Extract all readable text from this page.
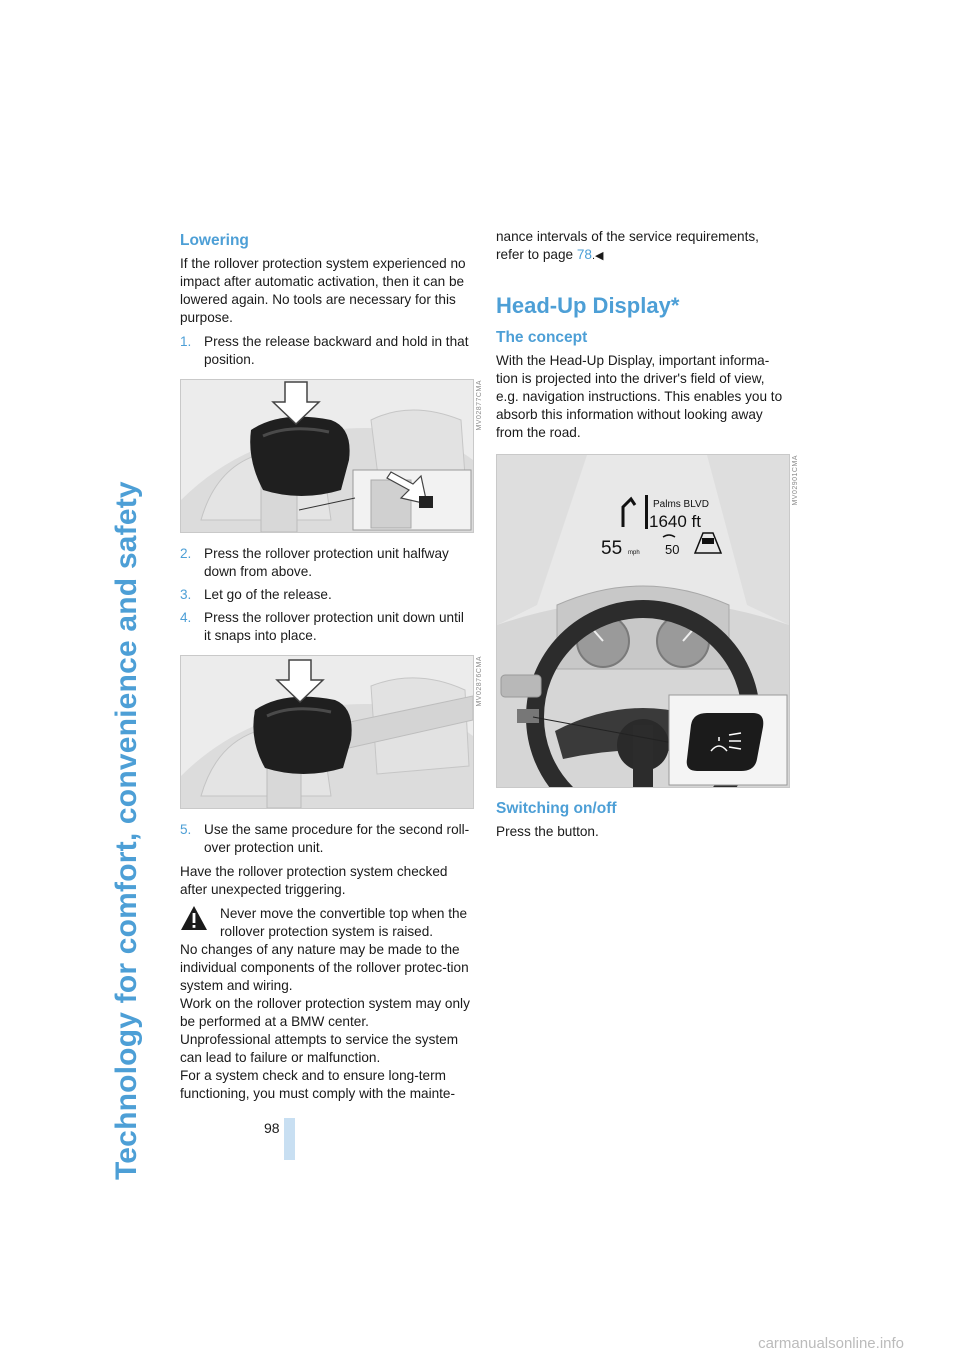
Technology for comfort, convenience and safety
Lowering

If the rollover protection system experienced no impact after automatic activation, then it can be lowered again. No tools are necessary for this purpose.

1. Press the release backward and hold in that position.
MV02877CMA
2. Press the rollover protection unit halfway down from above.
3. Let go of the release.
4. Press the rollover protection unit down until it snaps into place.
MV02876CMA
5. Use the same procedure for the second roll-over protection unit.

Have the rollover protection system checked after unexpected triggering.

Never move the convertible top when the rollover protection system is raised.

No changes of any nature may be made to the individual components of the rollover protec-tion system and wiring.

Work on the rollover protection system may only be performed at a BMW center.

Unprofessional attempts to service the system can lead to failure or malfunction.

For a system check and to ensure long-term functioning, you must comply with the mainte-

nance intervals of the service requirements, refer to page 78.◀

Head-Up Display*
The concept

With the Head-Up Display, important informa-tion is projected into the driver's field of view, e.g. navigation instructions. This enables you to absorb this information without looking away from the road.

Palms BLVD
1640 ft
55 mph 50
MV02901CMA
Switching on/off

Press the button.

98
carmanualsonline.info
